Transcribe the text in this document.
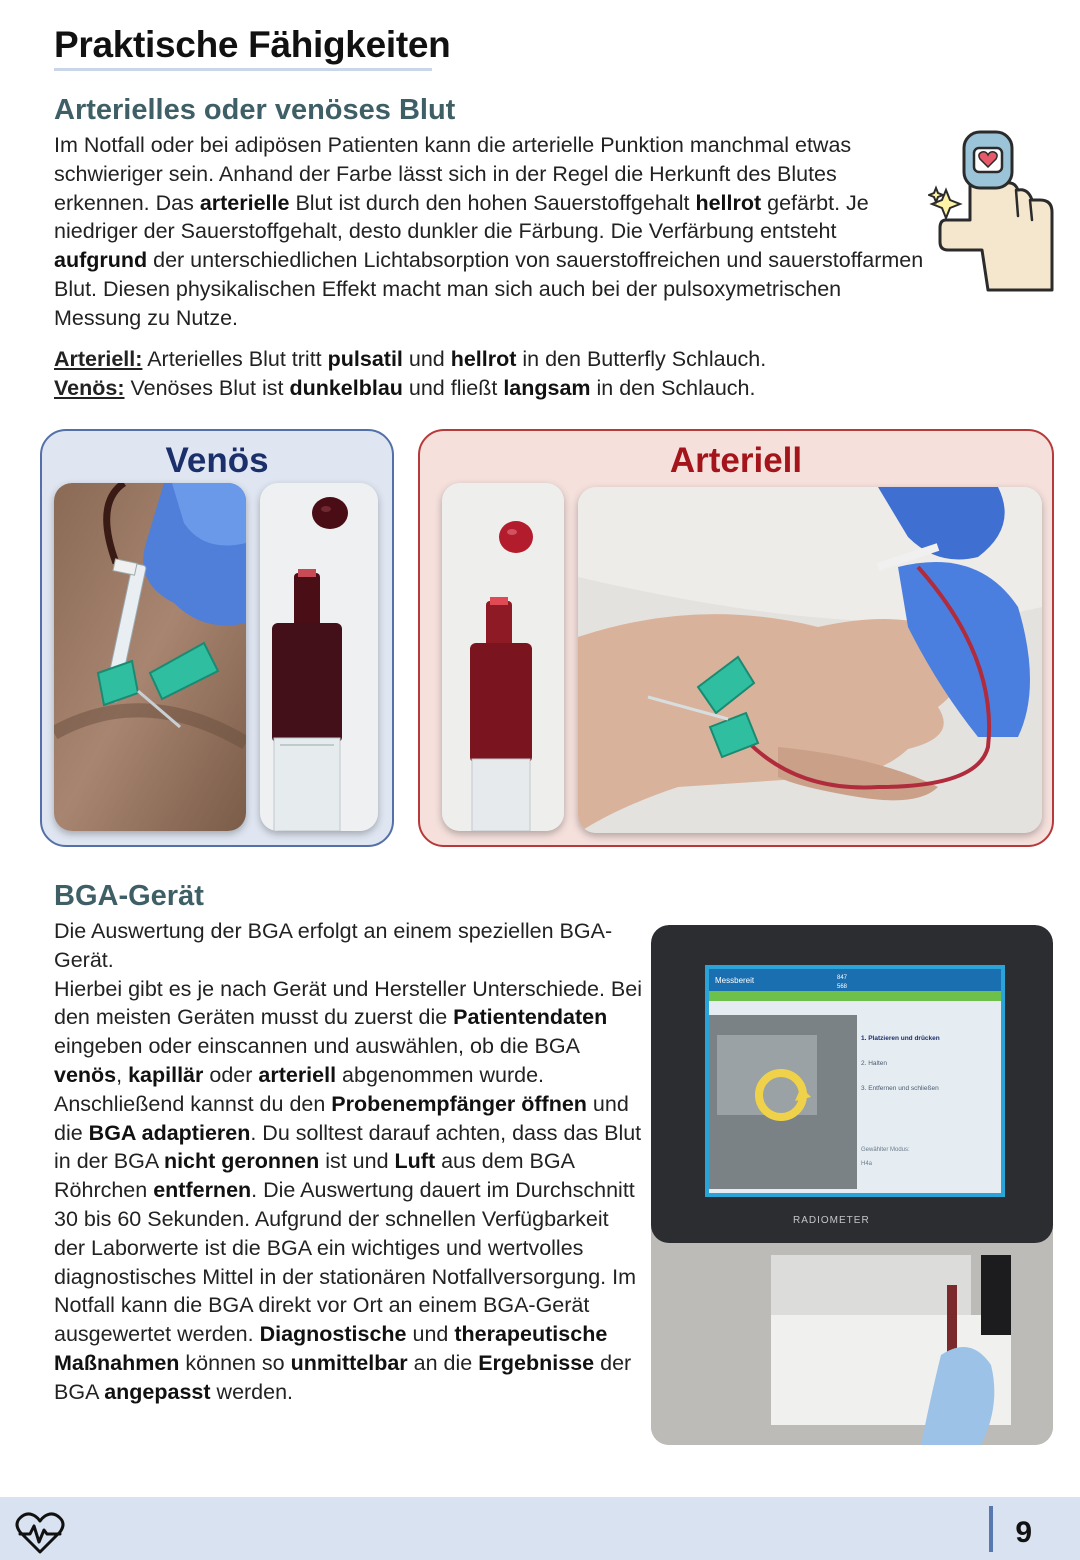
Praktische Fähigkeiten
Arterielles oder venöses Blut

Im Notfall oder bei adipösen Patienten kann die arterielle Punktion manchmal etwas schwieriger sein. Anhand der Farbe lässt sich in der Regel die Herkunft des Blutes erkennen. Das arterielle Blut ist durch den hohen Sauerstoffgehalt hellrot gefärbt. Je niedriger der Sauerstoffgehalt, desto dunkler die Färbung. Die Verfärbung entsteht aufgrund der unterschiedlichen Lichtabsorption von sauerstoffreichen und sauerstoffarmen Blut. Diesen physikalischen Effekt macht man sich auch bei der pulsoxymetrischen Messung zu Nutze.

Arteriell: Arterielles Blut tritt pulsatil und hellrot in den Butterfly Schlauch.
Venös: Venöses Blut ist dunkelblau und fließt langsam in den Schlauch.
Venös	Arteriell
BGA-Gerät

Die Auswertung der BGA erfolgt an einem speziellen BGA-Gerät.
Hierbei gibt es je nach Gerät und Hersteller Unterschiede. Bei den meisten Geräten musst du zuerst die Patientendaten eingeben oder einscannen und auswählen, ob die BGA venös, kapillär oder arteriell abgenommen wurde. Anschließend kannst du den Probenempfänger öffnen und die BGA adaptieren. Du solltest darauf achten, dass das Blut in der BGA nicht geronnen ist und Luft aus dem BGA Röhrchen entfernen. Die Auswertung dauert im Durchschnitt 30 bis 60 Sekunden. Aufgrund der schnellen Verfügbarkeit der Laborwerte ist die BGA ein wichtiges und wertvolles diagnostisches Mittel in der stationären Notfallversorgung. Im Notfall kann die BGA direkt vor Ort an einem BGA-Gerät ausgewertet werden. Diagnostische und therapeutische Maßnahmen können so unmittelbar an die Ergebnisse der BGA angepasst werden.

Messbereit	847
568
1. Platzieren und drücken
2. Halten
3. Entfernen und schließen
Gewählter Modus:
H4a
RADIOMETER
9
